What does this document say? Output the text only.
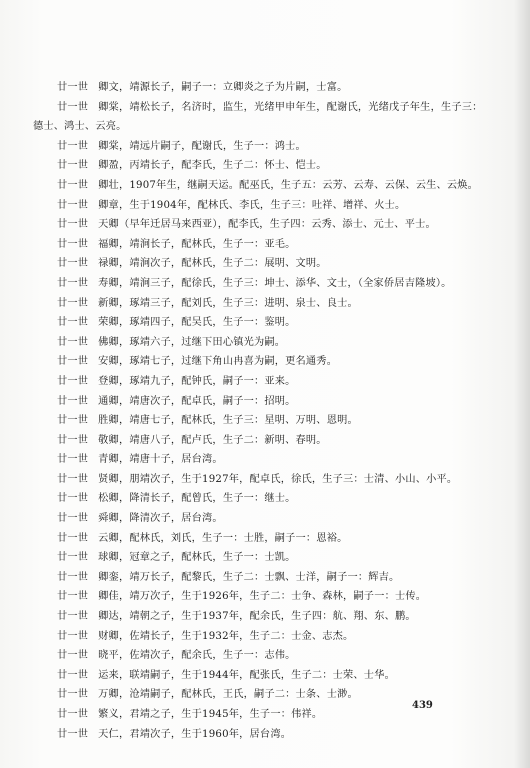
廿一世 卿文，靖源长子，嗣子一：立卿炎之子为片嗣，士富。

廿一世 卿棠，靖松长子，名济时，监生，光绪甲申年生，配谢氏，光绪戊子年生，生子三：德士、鸿士、云亮。

廿一世 卿棠，靖远片嗣子，配谢氏，生子一：鸿士。

廿一世 卿盈，丙靖长子，配李氏，生子二：怀士、恺士。

廿一世 卿壮，1907年生，继嗣天运。配巫氏，生子五：云芳、云寿、云保、云生、云焕。

廿一世 卿章，生于1904年，配林氏、李氏，生子三：吐祥、增祥、火士。

廿一世 天卿（早年迁居马来西亚），配李氏，生子四：云秀、添士、元士、平士。

廿一世 福卿，靖涧长子，配林氏，生子一：亚毛。

廿一世 禄卿，靖涧次子，配林氏，生子二：展明、文明。

廿一世 寿卿，靖涧三子，配徐氏，生子三：坤士、添华、文士，（全家侨居吉隆坡）。

廿一世 新卿，琢靖三子，配刘氏，生子三：进明、泉士、良士。

廿一世 荣卿，琢靖四子，配吴氏，生子一：鉴明。

廿一世 佛卿，琢靖六子，过继下田心镇光为嗣。

廿一世 安卿，琢靖七子，过继下角山冉喜为嗣，更名通秀。

廿一世 登卿，琢靖九子，配钟氏，嗣子一：亚来。

廿一世 通卿，靖唐次子，配卓氏，嗣子一：招明。

廿一世 胜卿，靖唐七子，配林氏，生子三：星明、万明、恩明。

廿一世 敬卿，靖唐八子，配卢氏，生子二：新明、春明。

廿一世 青卿，靖唐十子，居台湾。

廿一世 贤卿，朋靖次子，生于1927年，配卓氏，徐氏，生子三：士清、小山、小平。

廿一世 松卿，降清长子，配曾氏，生子一：继士。

廿一世 舜卿，降清次子，居台湾。

廿一世 云卿，配林氏，刘氏，生子一：士胜，嗣子一：恩裕。

廿一世 球卿，冠章之子，配林氏，生子一：士凯。

廿一世 卿銮，靖万长子，配黎氏，生子二：士飘、士洋，嗣子一：辉吉。

廿一世 卿佳，靖万次子，生于1926年，生子二：士争、森林，嗣子一：士传。

廿一世 卿达，靖朝之子，生于1937年，配余氏，生子四：航、翔、东、鹏。

廿一世 财卿，佐靖长子，生于1932年，生子二：士金、志杰。

廿一世 晓平，佐靖次子，配余氏，生子一：志伟。

廿一世 运来，联靖嗣子，生于1944年，配张氏，生子二：士荣、士华。

廿一世 万卿，沧靖嗣子，配林氏，王氏，嗣子二：士条、士渺。

廿一世 繁义，君靖之子，生于1945年，生子一：伟祥。

廿一世 天仁，君靖次子，生于1960年，居台湾。

439
